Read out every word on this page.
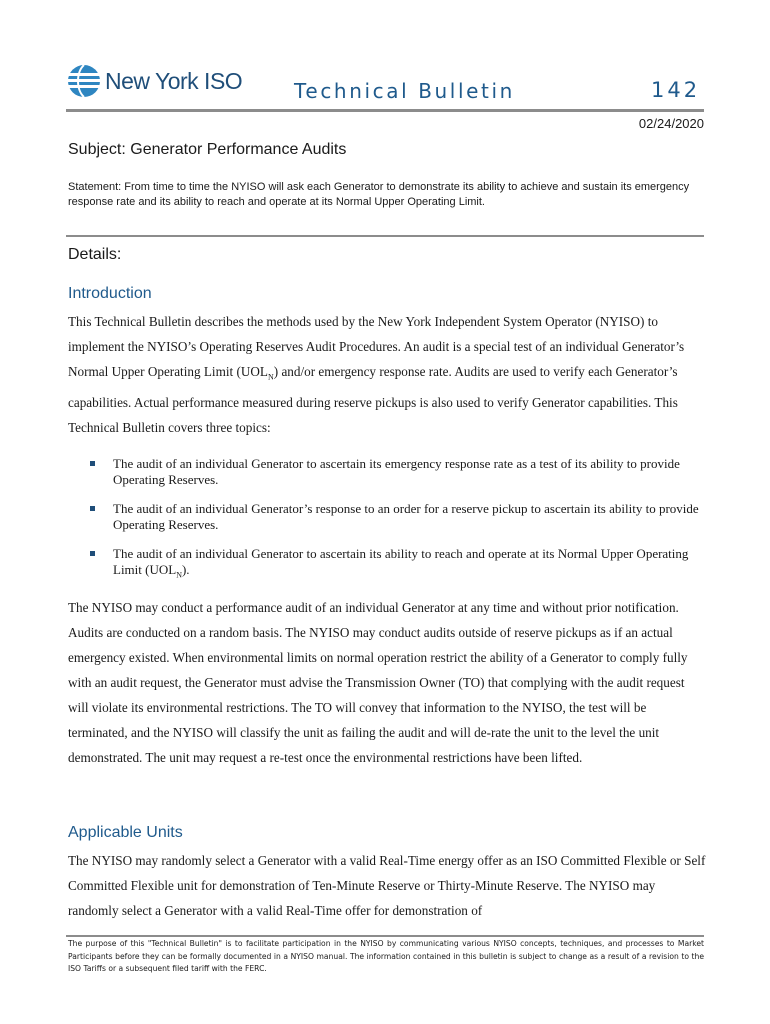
New York ISO	Technical Bulletin	142
02/24/2020
Subject: Generator Performance Audits
Statement: From time to time the NYISO will ask each Generator to demonstrate its ability to achieve and sustain its emergency response rate and its ability to reach and operate at its Normal Upper Operating Limit.
Details:
Introduction
This Technical Bulletin describes the methods used by the New York Independent System Operator (NYISO) to implement the NYISO’s Operating Reserves Audit Procedures. An audit is a special test of an individual Generator’s Normal Upper Operating Limit $(UOL_N)$ and/or emergency response rate. Audits are used to verify each Generator’s capabilities. Actual performance measured during reserve pickups is also used to verify Generator capabilities. This Technical Bulletin covers three topics:
The audit of an individual Generator to ascertain its emergency response rate as a test of its ability to provide Operating Reserves.
The audit of an individual Generator’s response to an order for a reserve pickup to ascertain its ability to provide Operating Reserves.
The audit of an individual Generator to ascertain its ability to reach and operate at its Normal Upper Operating Limit $(UOL_N)$.
The NYISO may conduct a performance audit of an individual Generator at any time and without prior notification. Audits are conducted on a random basis. The NYISO may conduct audits outside of reserve pickups as if an actual emergency existed. When environmental limits on normal operation restrict the ability of a Generator to comply fully with an audit request, the Generator must advise the Transmission Owner (TO) that complying with the audit request will violate its environmental restrictions. The TO will convey that information to the NYISO, the test will be terminated, and the NYISO will classify the unit as failing the audit and will de-rate the unit to the level the unit demonstrated. The unit may request a re-test once the environmental restrictions have been lifted.
Applicable Units
The NYISO may randomly select a Generator with a valid Real-Time energy offer as an ISO Committed Flexible or Self Committed Flexible unit for demonstration of Ten-Minute Reserve or Thirty-Minute Reserve. The NYISO may randomly select a Generator with a valid Real-Time offer for demonstration of
The purpose of this "Technical Bulletin" is to facilitate participation in the NYISO by communicating various NYISO concepts, techniques, and processes to Market Participants before they can be formally documented in a NYISO manual. The information contained in this bulletin is subject to change as a result of a revision to the ISO Tariffs or a subsequent filed tariff with the FERC.
